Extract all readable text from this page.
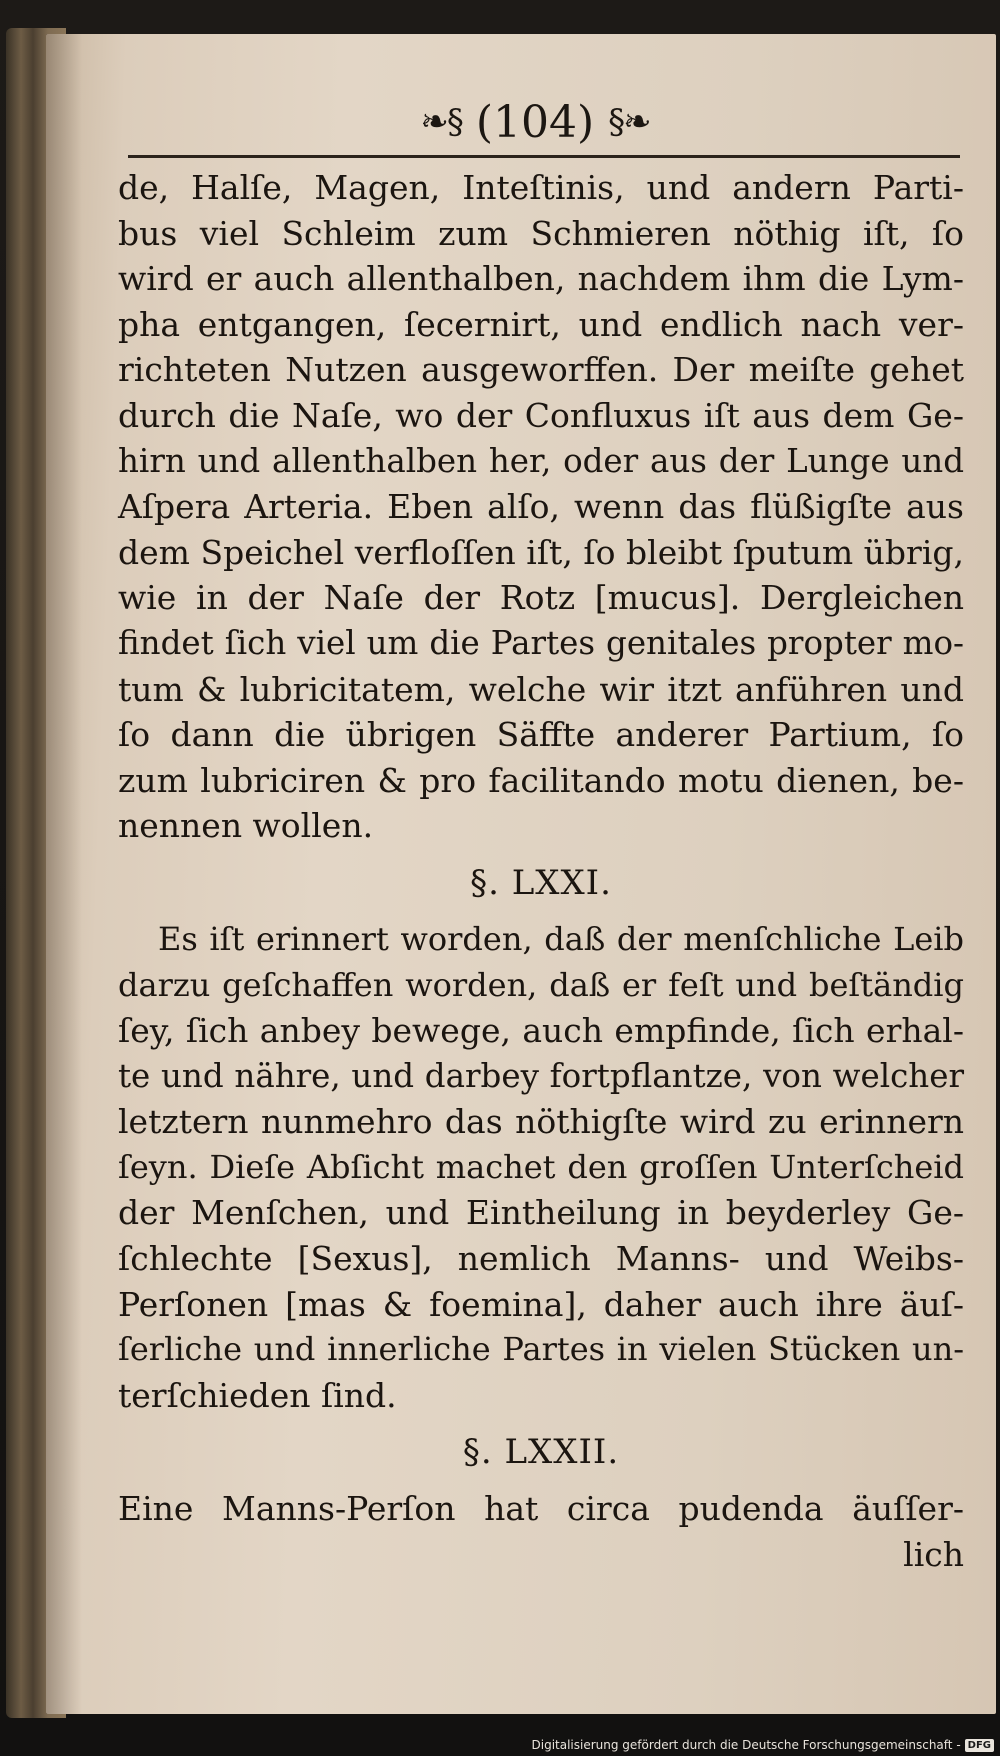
❧§ (104) §❧
de, Halſe, Magen, Inteſtinis, und andern Parti-
bus viel Schleim zum Schmieren nöthig iſt, ſo
wird er auch allenthalben, nachdem ihm die Lym-
pha entgangen, ſecernirt, und endlich nach ver-
richteten Nutzen ausgeworffen. Der meiſte gehet
durch die Naſe, wo der Confluxus iſt aus dem Ge-
hirn und allenthalben her, oder aus der Lunge und
Aſpera Arteria. Eben alſo, wenn das flüßigſte aus
dem Speichel verfloſſen iſt, ſo bleibt ſputum übrig,
wie in der Naſe der Rotz [mucus]. Dergleichen
findet ſich viel um die Partes genitales propter mo-
tum & lubricitatem, welche wir itzt anführen und
ſo dann die übrigen Säffte anderer Partium, ſo
zum lubriciren & pro facilitando motu dienen, be-
nennen wollen.
§. LXXI.
Es iſt erinnert worden, daß der menſchliche Leib
darzu geſchaffen worden, daß er feſt und beſtändig
ſey, ſich anbey bewege, auch empfinde, ſich erhal-
te und nähre, und darbey fortpflantze, von welcher
letztern nunmehro das nöthigſte wird zu erinnern
ſeyn. Dieſe Abſicht machet den groſſen Unterſcheid
der Menſchen, und Eintheilung in beyderley Ge-
ſchlechte [Sexus], nemlich Manns- und Weibs-
Perſonen [mas & foemina], daher auch ihre äuſ-
ſerliche und innerliche Partes in vielen Stücken un-
terſchieden ſind.
§. LXXII.
Eine Manns-Perſon hat circa pudenda äuſſer-
lich
Digitalisierung gefördert durch die Deutsche Forschungsgemeinschaft - DFG
